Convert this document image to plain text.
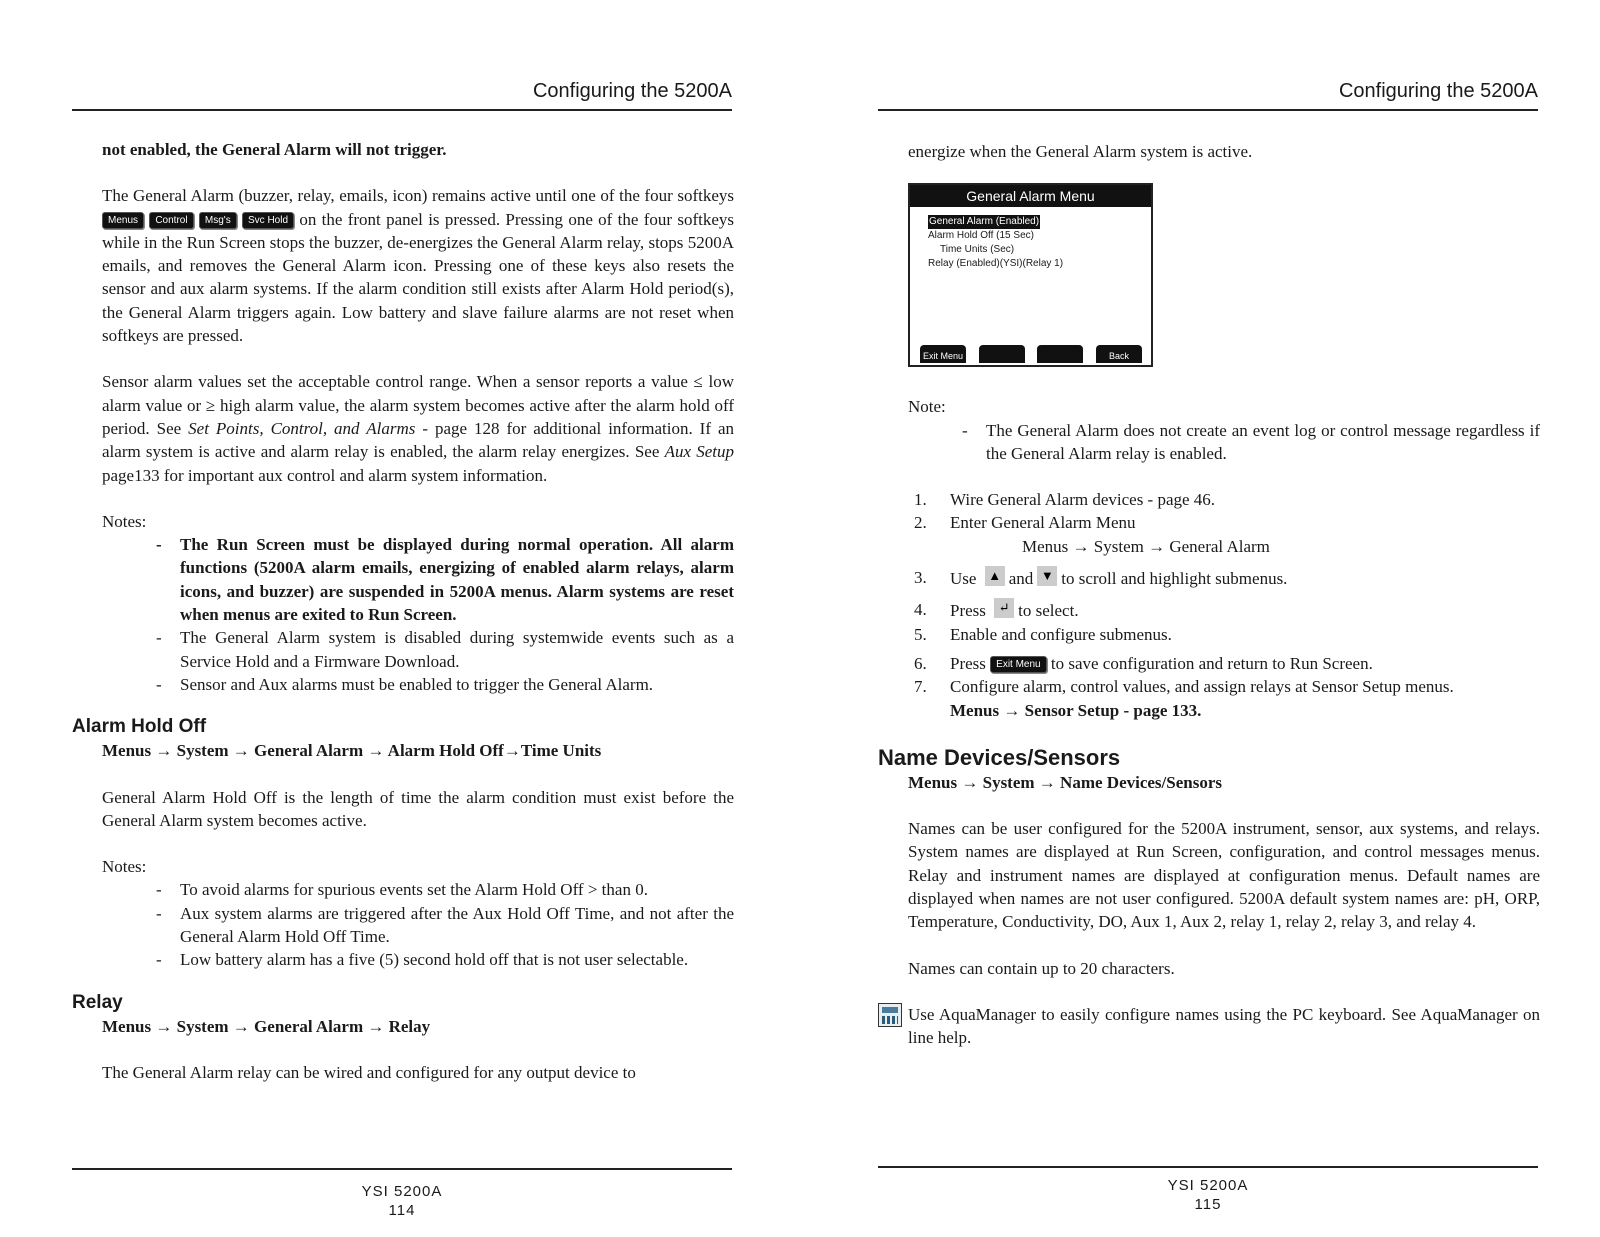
Configuring the 5200A

not enabled, the General Alarm will not trigger.

The General Alarm (buzzer, relay, emails, icon) remains active until one of the four softkeys Menus Control Msg's Svc Hold on the front panel is pressed. Pressing one of the four softkeys while in the Run Screen stops the buzzer, de-energizes the General Alarm relay, stops 5200A emails, and removes the General Alarm icon. Pressing one of these keys also resets the sensor and aux alarm systems. If the alarm condition still exists after Alarm Hold period(s), the General Alarm triggers again. Low battery and slave failure alarms are not reset when softkeys are pressed.

Sensor alarm values set the acceptable control range. When a sensor reports a value ≤ low alarm value or ≥ high alarm value, the alarm system becomes active after the alarm hold off period. See Set Points, Control, and Alarms - page 128 for additional information. If an alarm system is active and alarm relay is enabled, the alarm relay energizes. See Aux Setup page133 for important aux control and alarm system information.

Notes:
- The Run Screen must be displayed during normal operation. All alarm functions (5200A alarm emails, energizing of enabled alarm relays, alarm icons, and buzzer) are suspended in 5200A menus. Alarm systems are reset when menus are exited to Run Screen.
- The General Alarm system is disabled during systemwide events such as a Service Hold and a Firmware Download.
- Sensor and Aux alarms must be enabled to trigger the General Alarm.
Alarm Hold Off
Menus → System → General Alarm → Alarm Hold Off→Time Units

General Alarm Hold Off is the length of time the alarm condition must exist before the General Alarm system becomes active.

Notes:
- To avoid alarms for spurious events set the Alarm Hold Off > than 0.
- Aux system alarms are triggered after the Aux Hold Off Time, and not after the General Alarm Hold Off Time.
- Low battery alarm has a five (5) second hold off that is not user selectable.
Relay
Menus → System → General Alarm → Relay

The General Alarm relay can be wired and configured for any output device to

YSI 5200A
114
Configuring the 5200A

energize when the General Alarm system is active.

General Alarm Menu
General Alarm (Enabled)
Alarm Hold Off (15 Sec)
Time Units (Sec)
Relay (Enabled)(YSI)(Relay 1)
Exit Menu	Back
Note:
- The General Alarm does not create an event log or control message regardless if the General Alarm relay is enabled.
1. Wire General Alarm devices - page 46.
2. Enter General Alarm Menu
Menus → System → General Alarm
3. Use ▲ and ▼ to scroll and highlight submenus.
4. Press ↵ to select.
5. Enable and configure submenus.
6. Press Exit Menu to save configuration and return to Run Screen.
7. Configure alarm, control values, and assign relays at Sensor Setup menus.
Menus → Sensor Setup - page 133.
Name Devices/Sensors
Menus → System → Name Devices/Sensors

Names can be user configured for the 5200A instrument, sensor, aux systems, and relays. System names are displayed at Run Screen, configuration, and control messages menus. Relay and instrument names are displayed at configuration menus. Default names are displayed when names are not user configured. 5200A default system names are: pH, ORP, Temperature, Conductivity, DO, Aux 1, Aux 2, relay 1, relay 2, relay 3, and relay 4.

Names can contain up to 20 characters.

Use AquaManager to easily configure names using the PC keyboard. See AquaManager on line help.

YSI 5200A
115
